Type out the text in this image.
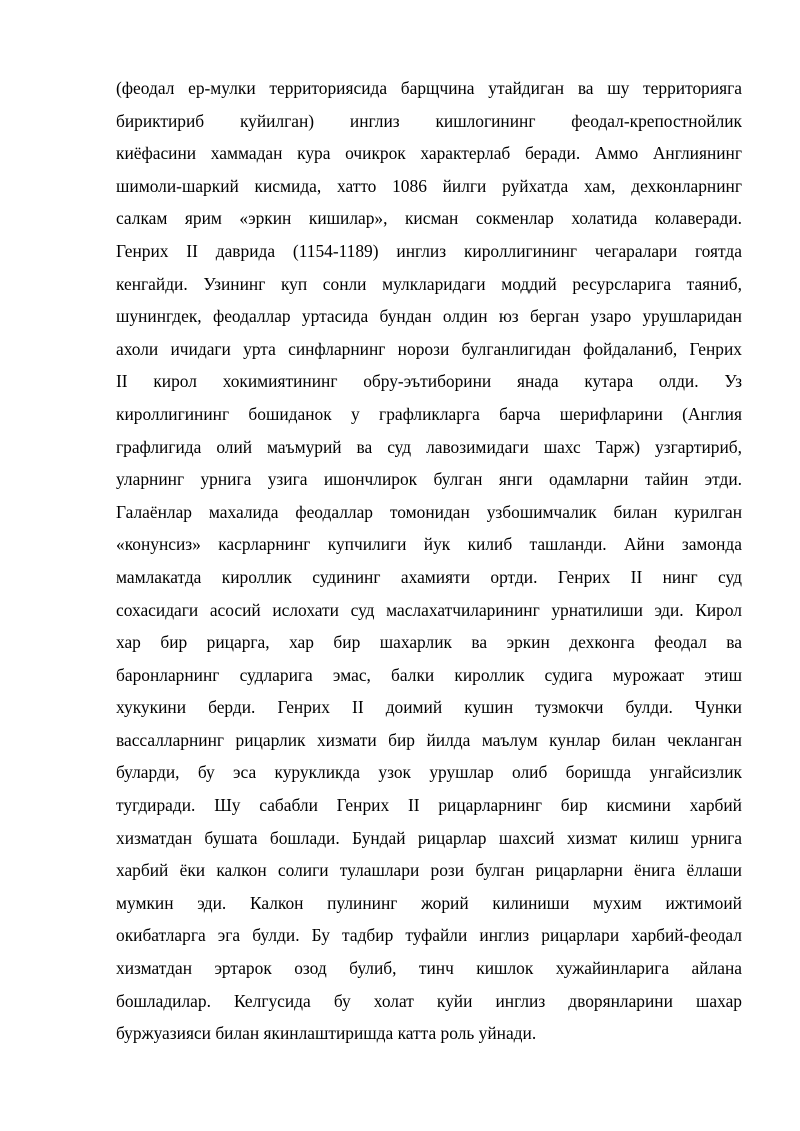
(феодал ер-мулки территориясида барщчина утайдиган ва шу территорияга
бириктириб куйилган) инглиз кишлогининг феодал-крепостнойлик
киёфасини хаммадан кура очикрок характерлаб беради. Аммо Англиянинг
шимоли-шаркий кисмида, хатто 1086 йилги руйхатда хам, дехконларнинг
салкам ярим «эркин кишилар», кисман сокменлар холатида колаверади.
Генрих II даврида (1154-1189) инглиз кироллигининг чегаралари гоятда
кенгайди. Узининг куп сонли мулкларидаги моддий ресурсларига таяниб,
шунингдек, феодаллар уртасида бундан олдин юз берган узаро урушларидан
ахоли ичидаги урта синфларнинг норози булганлигидан фойдаланиб, Генрих
II кирол хокимиятининг обру-эътиборини янада кутара олди. Уз
кироллигининг бошиданок у графликларга барча шерифларини (Англия
графлигида олий маъмурий ва суд лавозимидаги шахс Тарж) узгартириб,
уларнинг урнига узига ишончлирок булган янги одамларни тайин этди.
Галаёнлар махалида феодаллар томонидан узбошимчалик билан курилган
«конунсиз» касрларнинг купчилиги йук килиб ташланди. Айни замонда
мамлакатда кироллик судининг ахамияти ортди. Генрих II нинг суд
сохасидаги асосий ислохати суд маслахатчиларининг урнатилиши эди. Кирол
хар бир рицарга, хар бир шахарлик ва эркин дехконга феодал ва
баронларнинг судларига эмас, балки кироллик судига мурожаат этиш
хукукини берди. Генрих II доимий кушин тузмокчи булди. Чунки
вассалларнинг рицарлик хизмати бир йилда маълум кунлар билан чекланган
буларди, бу эса курукликда узок урушлар олиб боришда унгайсизлик
тугдиради. Шу сабабли Генрих II рицарларнинг бир кисмини харбий
хизматдан бушата бошлади. Бундай рицарлар шахсий хизмат килиш урнига
харбий ёки калкон солиги тулашлари рози булган рицарларни ёнига ёллаши
мумкин эди. Калкон пулининг жорий килиниши мухим ижтимоий
окибатларга эга булди. Бу тадбир туфайли инглиз рицарлари харбий-феодал
хизматдан эртарок озод булиб, тинч кишлок хужайинларига айлана
бошладилар. Келгусида бу холат куйи инглиз дворянларини шахар
буржуазияси билан якинлаштиришда катта роль уйнади.
